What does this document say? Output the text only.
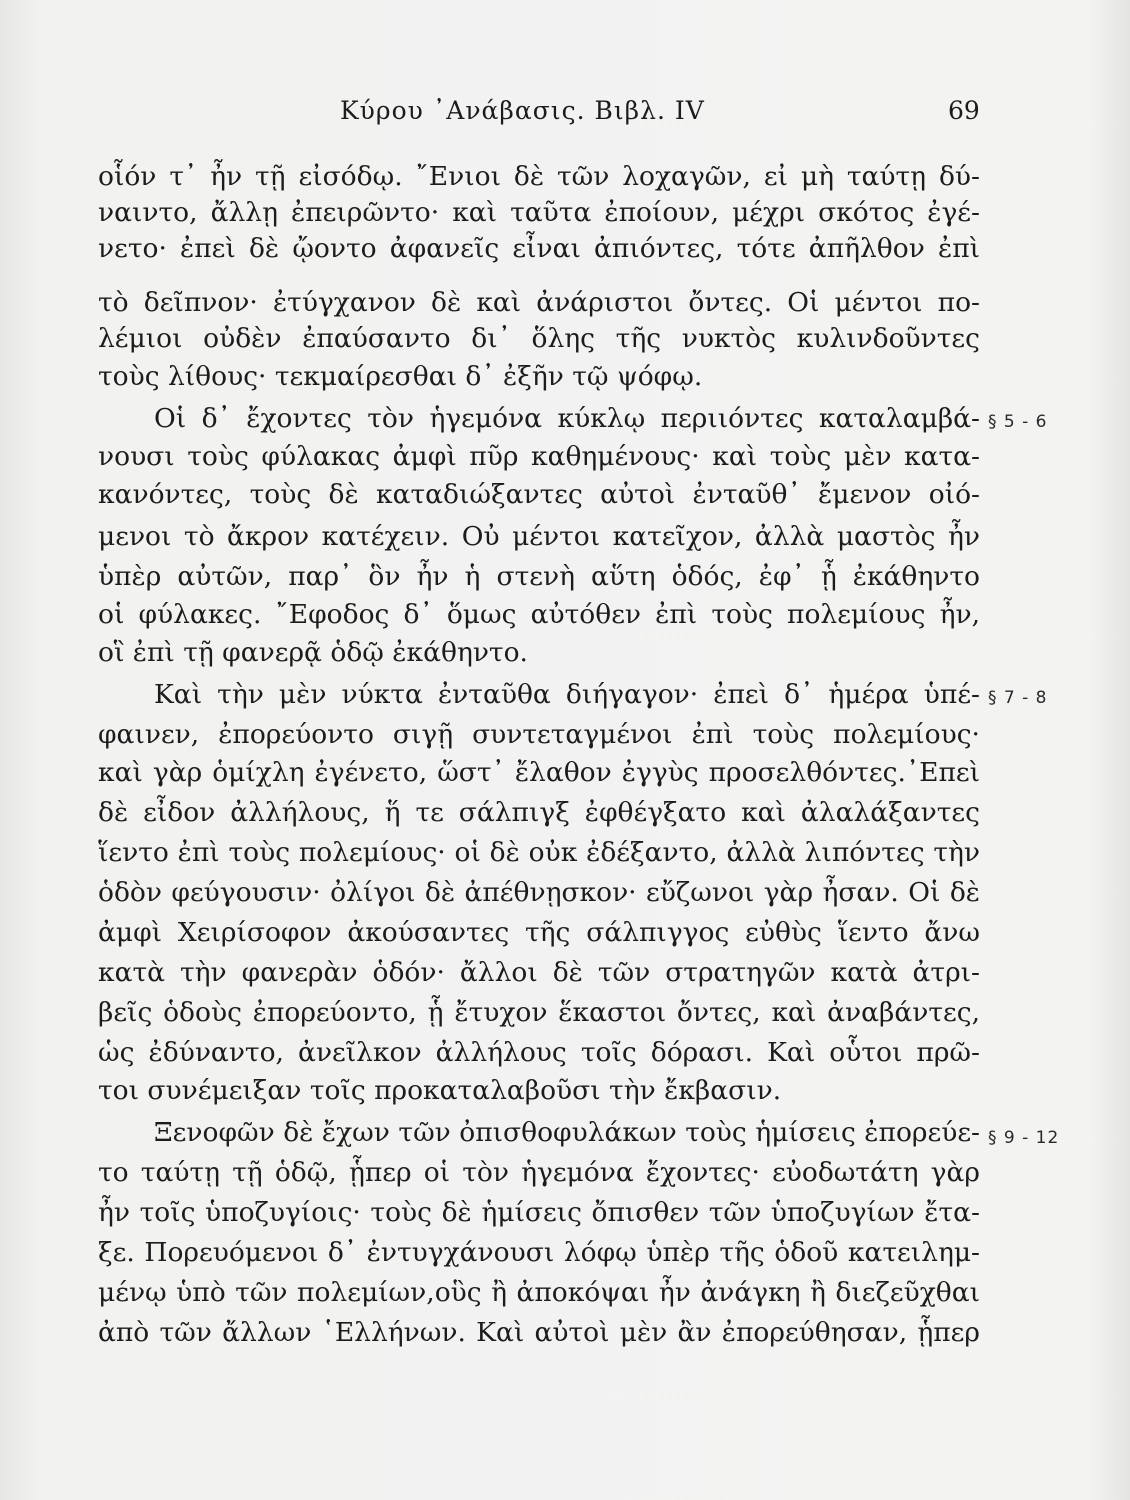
Κύρου ᾽Ανάβασις. Βιβλ. IV	69
οἷόν τ᾽ ἦν τῇ εἰσόδῳ. ῎Ενιοι δὲ τῶν λοχαγῶν, εἰ μὴ ταύτῃ δύ-
ναιντο, ἄλλῃ ἐπειρῶντο· καὶ ταῦτα ἐποίουν, μέχρι σκότος ἐγέ-
νετο· ἐπεὶ δὲ ᾤοντο ἀφανεῖς εἶναι ἀπιόντες, τότε ἀπῆλθον ἐπὶ
τὸ δεῖπνον· ἐτύγχανον δὲ καὶ ἀνάριστοι ὄντες. Οἱ μέντοι πο-
λέμιοι οὐδὲν ἐπαύσαντο δι᾽ ὅλης τῆς νυκτὸς κυλινδοῦντες
τοὺς λίθους· τεκμαίρεσθαι δ᾽ ἐξῆν τῷ ψόφῳ.
Οἱ δ᾽ ἔχοντες τὸν ἡγεμόνα κύκλῳ περιιόντες καταλαμβά-
νουσι τοὺς φύλακας ἀμφὶ πῦρ καθημένους· καὶ τοὺς μὲν κατα-
κανόντες, τοὺς δὲ καταδιώξαντες αὐτοὶ ἐνταῦθ᾽ ἔμενον οἰό-
μενοι τὸ ἄκρον κατέχειν. Οὐ μέντοι κατεῖχον, ἀλλὰ μαστὸς ἦν
ὑπὲρ αὐτῶν, παρ᾽ ὃν ἦν ἡ στενὴ αὕτη ὁδός, ἐφ᾽ ᾗ ἐκάθηντο
οἱ φύλακες. ῎Εφοδος δ᾽ ὅμως αὐτόθεν ἐπὶ τοὺς πολεμίους ἦν,
οἳ ἐπὶ τῇ φανερᾷ ὁδῷ ἐκάθηντο.
Καὶ τὴν μὲν νύκτα ἐνταῦθα διήγαγον· ἐπεὶ δ᾽ ἡμέρα ὑπέ-
φαινεν, ἐπορεύοντο σιγῇ συντεταγμένοι ἐπὶ τοὺς πολεμίους·
καὶ γὰρ ὁμίχλη ἐγένετο, ὥστ᾽ ἔλαθον ἐγγὺς προσελθόντες.᾽Επεὶ
δὲ εἶδον ἀλλήλους, ἥ τε σάλπιγξ ἐφθέγξατο καὶ ἀλαλάξαντες
ἵεντο ἐπὶ τοὺς πολεμίους· οἱ δὲ οὐκ ἐδέξαντο, ἀλλὰ λιπόντες τὴν
ὁδὸν φεύγουσιν· ὀλίγοι δὲ ἀπέθνῃσκον· εὔζωνοι γὰρ ἦσαν. Οἱ δὲ
ἀμφὶ Χειρίσοφον ἀκούσαντες τῆς σάλπιγγος εὐθὺς ἵεντο ἄνω
κατὰ τὴν φανερὰν ὁδόν· ἄλλοι δὲ τῶν στρατηγῶν κατὰ ἀτρι-
βεῖς ὁδοὺς ἐπορεύοντο, ᾗ ἔτυχον ἕκαστοι ὄντες, καὶ ἀναβάντες,
ὡς ἐδύναντο, ἀνεῖλκον ἀλλήλους τοῖς δόρασι. Καὶ οὗτοι πρῶ-
τοι συνέμειξαν τοῖς προκαταλαβοῦσι τὴν ἔκβασιν.
Ξενοφῶν δὲ ἔχων τῶν ὀπισθοφυλάκων τοὺς ἡμίσεις ἐπορεύε-
το ταύτῃ τῇ ὁδῷ, ᾗπερ οἱ τὸν ἡγεμόνα ἔχοντες· εὐοδωτάτη γὰρ
ἦν τοῖς ὑποζυγίοις· τοὺς δὲ ἡμίσεις ὄπισθεν τῶν ὑποζυγίων ἔτα-
ξε. Πορευόμενοι δ᾽ ἐντυγχάνουσι λόφῳ ὑπὲρ τῆς ὁδοῦ κατειλημ-
μένῳ ὑπὸ τῶν πολεμίων,οὓς ἢ ἀποκόψαι ἦν ἀνάγκη ἢ διεζεῦχθαι
ἀπὸ τῶν ἄλλων ῾Ελλήνων. Καὶ αὐτοὶ μὲν ἂν ἐπορεύθησαν, ᾗπερ
§ 5 - 6
§ 7 - 8
§ 9 - 12
